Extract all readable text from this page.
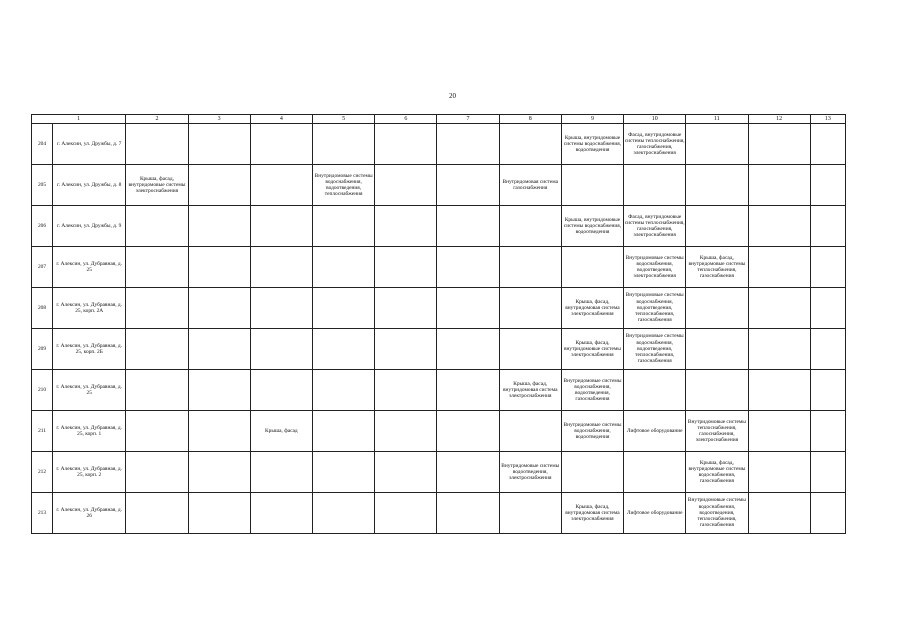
20
1		2	3	4	5	6	7	8	9	10	11	12	13
204	г. Алексин, ул. Дружбы, д. 7								Крыша, внутридомовые системы водоснабжения, водоотведения	Фасад, внутридомовые системы теплоснабжения, газоснабжения, электроснабжения			

205	г. Алексин, ул. Дружбы, д. 8	Крыша, фасад, внутридомовые системы электроснабжения			Внутридомовые системы водоснабжения, водоотведения, теплоснабжения			Внутридомовая система газоснабжения					

206	г. Алексин, ул. Дружбы, д. 9								Крыша, внутридомовые системы водоснабжения, водоотведения	Фасад, внутридомовые системы теплоснабжения, газоснабжения, электроснабжения			

207	г. Алексин, ул. Дубравная, д. 25									Внутридомовые системы водоснабжения, водоотведения, электроснабжения	Крыша, фасад, внутридомовые системы теплоснабжения, газоснабжения		

208	г. Алексин, ул. Дубравная, д. 25, корп. 2А								Крыша, фасад, внутридомовая система электроснабжения	Внутридомовые системы водоснабжения, водоотведения, теплоснабжения, газоснабжения			

209	г. Алексин, ул. Дубравная, д. 25, корп. 2Б								Крыша, фасад, внутридомовые системы электроснабжения	Внутридомовые системы водоснабжения, водоотведения, теплоснабжения, газоснабжения			

210	г. Алексин, ул. Дубравная, д. 25							Крыша, фасад, внутридомовая система электроснабжения	Внутридомовые системы водоснабжения, водоотведения, газоснабжения				

211	г. Алексин, ул. Дубравная, д. 25, корп. 1			Крыша, фасад					Внутридомовые системы водоснабжения, водоотведения	Лифтовое оборудование	Внутридомовые системы теплоснабжения, газоснабжения, электроснабжения		

212	г. Алексин, ул. Дубравная, д. 25, корп. 2							Внутридомовые системы водоотведения, электроснабжения			Крыша, фасад, внутридомовые системы водоснабжения, газоснабжения		

213	г. Алексин, ул. Дубравная, д. 26								Крыша, фасад, внутридомовая система электроснабжения	Лифтовое оборудование	Внутридомовые системы водоснабжения, водоотведения, теплоснабжения, газоснабжения		
